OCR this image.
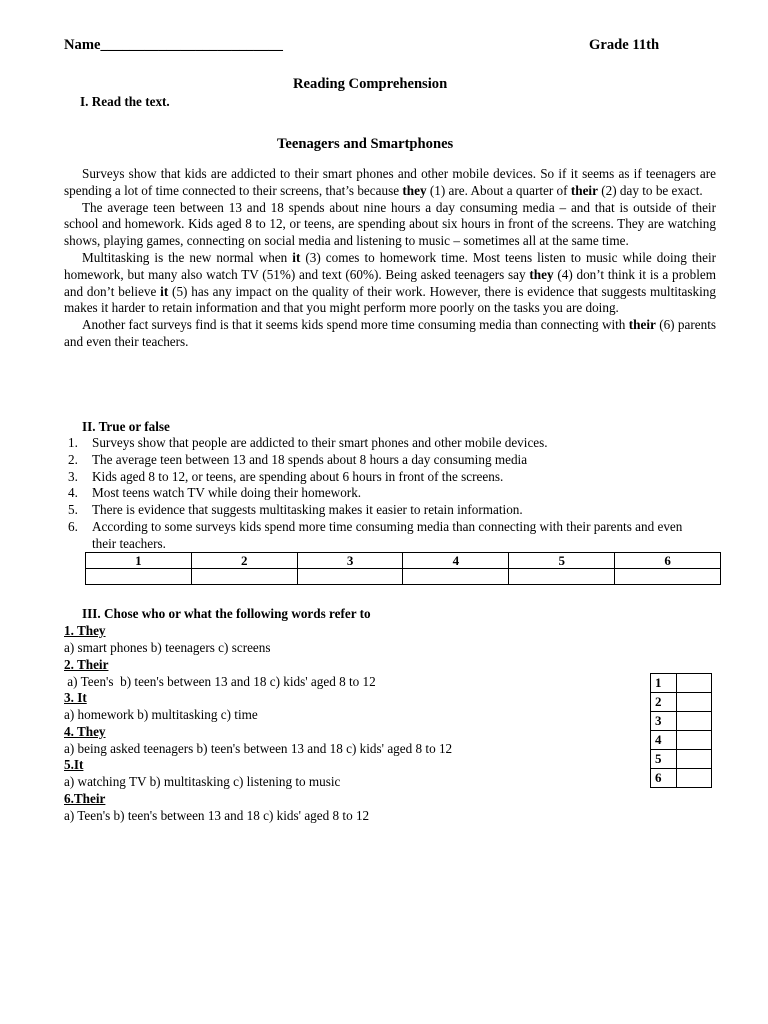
Name_________________________	Grade 11th
Reading Comprehension
I. Read the text.
Teenagers and Smartphones

Surveys show that kids are addicted to their smart phones and other mobile devices. So if it seems as if teenagers are spending a lot of time connected to their screens, that’s because they (1) are. About a quarter of their (2) day to be exact.

The average teen between 13 and 18 spends about nine hours a day consuming media – and that is outside of their school and homework. Kids aged 8 to 12, or teens, are spending about six hours in front of the screens. They are watching shows, playing games, connecting on social media and listening to music – sometimes all at the same time.

Multitasking is the new normal when it (3) comes to homework time. Most teens listen to music while doing their homework, but many also watch TV (51%) and text (60%). Being asked teenagers say they (4) don’t think it is a problem and don’t believe it (5) has any impact on the quality of their work. However, there is evidence that suggests multitasking makes it harder to retain information and that you might perform more poorly on the tasks you are doing.

Another fact surveys find is that it seems kids spend more time consuming media than connecting with their (6) parents and even their teachers.

II. True or false
1. Surveys show that people are addicted to their smart phones and other mobile devices.
2. The average teen between 13 and 18 spends about 8 hours a day consuming media
3. Kids aged 8 to 12, or teens, are spending about 6 hours in front of the screens.
4. Most teens watch TV while doing their homework.
5. There is evidence that suggests multitasking makes it easier to retain information.
6. According to some surveys kids spend more time consuming media than connecting with their parents and even their teachers.
1	2	3	4	5	6

III. Chose who or what the following words refer to
1. They
a) smart phones b) teenagers c) screens
2. Their
a) Teen's  b) teen's between 13 and 18 c) kids' aged 8 to 12
3. It
a) homework b) multitasking c) time
4. They
a) being asked teenagers b) teen's between 13 and 18 c) kids' aged 8 to 12
5.It
a) watching TV b) multitasking c) listening to music
6.Their
a) Teen's b) teen's between 13 and 18 c) kids' aged 8 to 12
1	
2	
3	
4	
5	
6	
